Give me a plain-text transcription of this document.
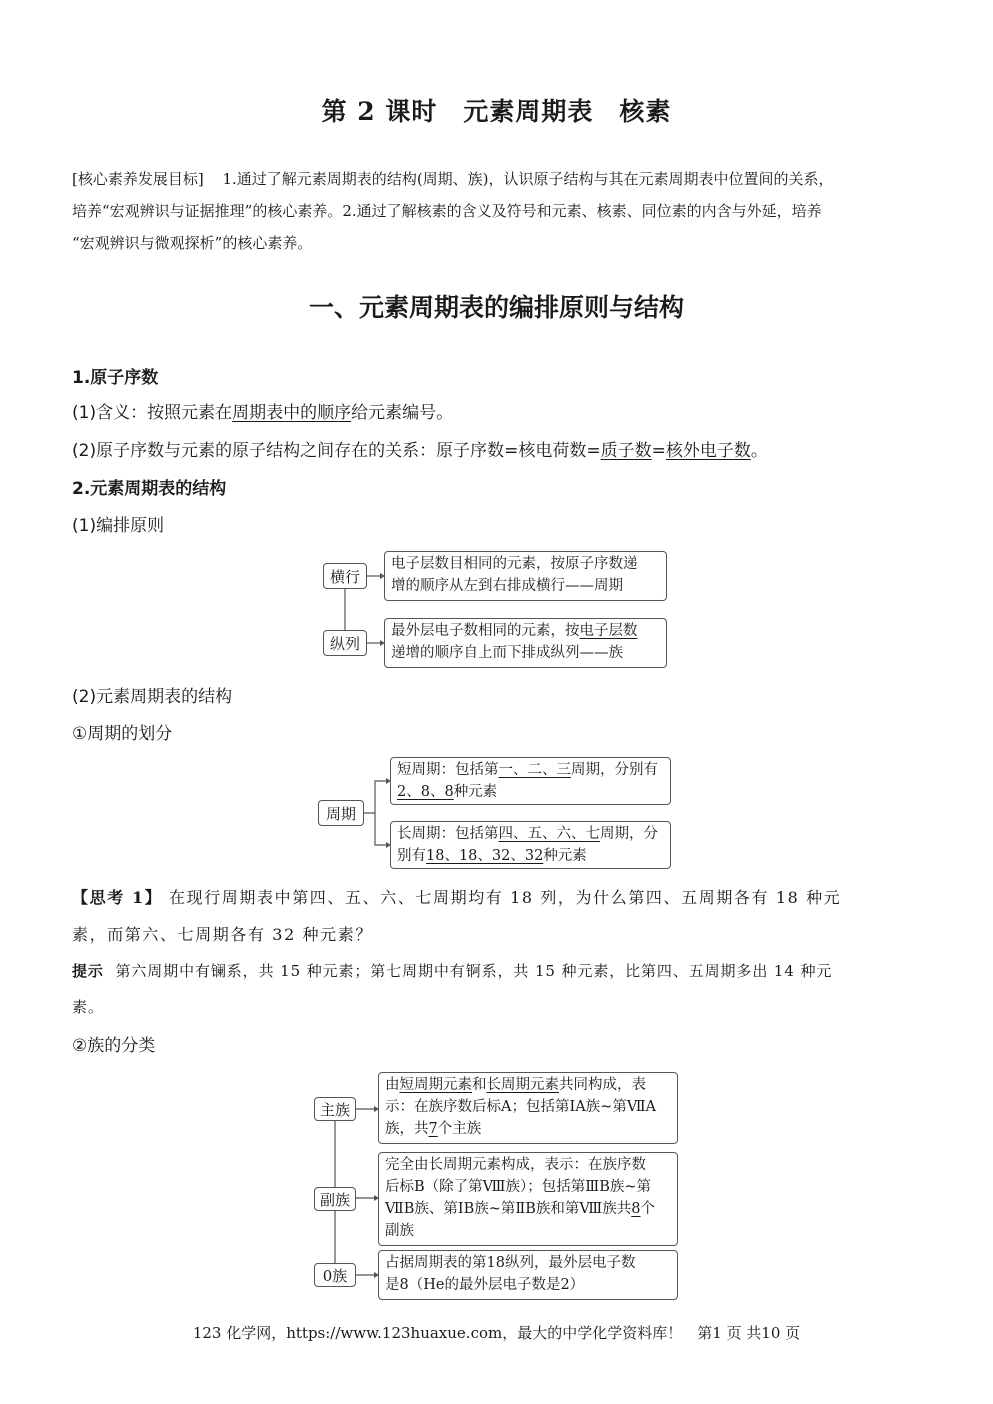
第 2 课时　元素周期表　核素
[核心素养发展目标] 1.通过了解元素周期表的结构(周期、族)，认识原子结构与其在元素周期表中位置间的关系，
培养“宏观辨识与证据推理”的核心素养。2.通过了解核素的含义及符号和元素、核素、同位素的内含与外延，培养
“宏观辨识与微观探析”的核心素养。
一、元素周期表的编排原则与结构
1.原子序数
(1)含义：按照元素在周期表中的顺序给元素编号。
(2)原子序数与元素的原子结构之间存在的关系：原子序数=核电荷数=质子数=核外电子数。
2.元素周期表的结构
(1)编排原则
横行
电子层数目相同的元素，按原子序数递
增的顺序从左到右排成横行——周期
纵列
最外层电子数相同的元素，按电子层数
递增的顺序自上而下排成纵列——族
(2)元素周期表的结构
①周期的划分
周期
短周期：包括第一、二、三周期，分别有
2、8、8种元素
长周期：包括第四、五、六、七周期，分
别有18、18、32、32种元素
【思考 1】 在现行周期表中第四、五、六、七周期均有 18 列，为什么第四、五周期各有 18 种元
素，而第六、七周期各有 32 种元素？
提示 第六周期中有镧系，共 15 种元素；第七周期中有锕系，共 15 种元素，比第四、五周期多出 14 种元
素。
②族的分类
主族
由短周期元素和长周期元素共同构成，表
示：在族序数后标A；包括第ⅠA族~第ⅦA
族，共7个主族
副族
完全由长周期元素构成，表示：在族序数
后标B（除了第Ⅷ族）；包括第ⅢB族~第
ⅦB族、第ⅠB族~第ⅡB族和第Ⅷ族共8个
副族
0族
占据周期表的第18纵列，最外层电子数
是8（He的最外层电子数是2）
123 化学网，https://www.123huaxue.com，最大的中学化学资料库！　第1 页 共10 页
